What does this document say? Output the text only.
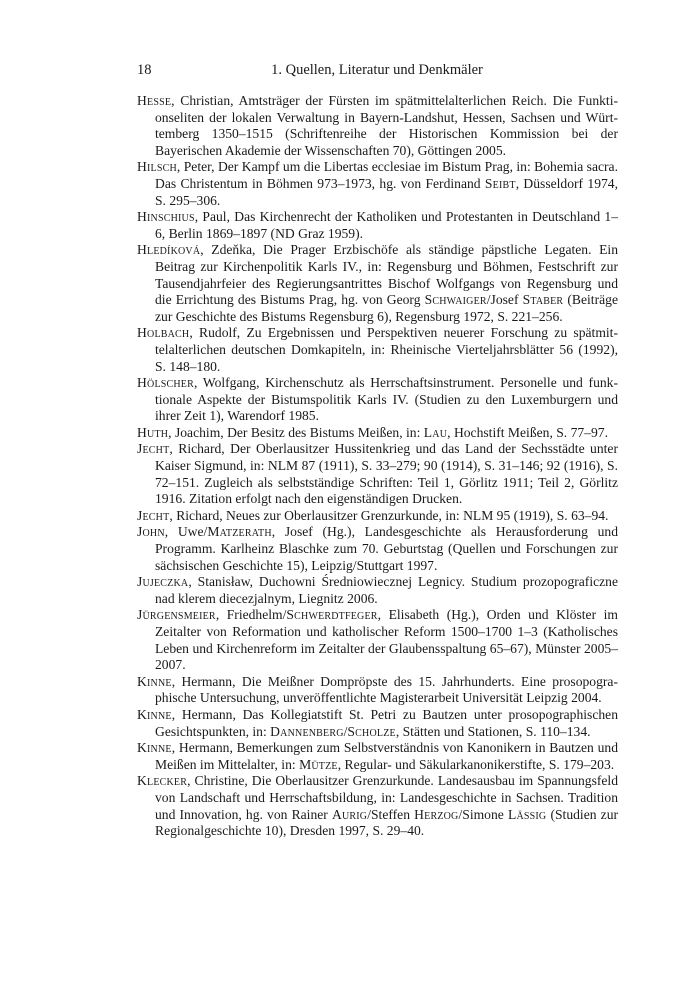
18	1. Quellen, Literatur und Denkmäler

Hesse, Christian, Amtsträger der Fürsten im spätmittelalterlichen Reich. Die Funktionseliten der lokalen Verwaltung in Bayern-Landshut, Hessen, Sachsen und Württemberg 1350–1515 (Schriftenreihe der Historischen Kommission bei der Bayerischen Akademie der Wissenschaften 70), Göttingen 2005.

Hilsch, Peter, Der Kampf um die Libertas ecclesiae im Bistum Prag, in: Bohemia sacra. Das Christentum in Böhmen 973–1973, hg. von Ferdinand Seibt, Düsseldorf 1974, S. 295–306.

Hinschius, Paul, Das Kirchenrecht der Katholiken und Protestanten in Deutschland 1–6, Berlin 1869–1897 (ND Graz 1959).

Hledíková, Zdeňka, Die Prager Erzbischöfe als ständige päpstliche Legaten. Ein Beitrag zur Kirchenpolitik Karls IV., in: Regensburg und Böhmen, Festschrift zur Tausendjahrfeier des Regierungsantrittes Bischof Wolfgangs von Regensburg und die Errichtung des Bistums Prag, hg. von Georg Schwaiger/Josef Staber (Beiträge zur Geschichte des Bistums Regensburg 6), Regensburg 1972, S. 221–256.

Holbach, Rudolf, Zu Ergebnissen und Perspektiven neuerer Forschung zu spätmittelalterlichen deutschen Domkapiteln, in: Rheinische Vierteljahrsblätter 56 (1992), S. 148–180.

Hölscher, Wolfgang, Kirchenschutz als Herrschaftsinstrument. Personelle und funktionale Aspekte der Bistumspolitik Karls IV. (Studien zu den Luxemburgern und ihrer Zeit 1), Warendorf 1985.

Huth, Joachim, Der Besitz des Bistums Meißen, in: Lau, Hochstift Meißen, S. 77–97.

Jecht, Richard, Der Oberlausitzer Hussitenkrieg und das Land der Sechsstädte unter Kaiser Sigmund, in: NLM 87 (1911), S. 33–279; 90 (1914), S. 31–146; 92 (1916), S. 72–151. Zugleich als selbstständige Schriften: Teil 1, Görlitz 1911; Teil 2, Görlitz 1916. Zitation erfolgt nach den eigenständigen Drucken.

Jecht, Richard, Neues zur Oberlausitzer Grenzurkunde, in: NLM 95 (1919), S. 63–94.

John, Uwe/Matzerath, Josef (Hg.), Landesgeschichte als Herausforderung und Programm. Karlheinz Blaschke zum 70. Geburtstag (Quellen und Forschungen zur sächsischen Geschichte 15), Leipzig/Stuttgart 1997.

Jujeczka, Stanisław, Duchowni Średniowiecznej Legnicy. Studium prozopograficzne nad klerem diecezjalnym, Liegnitz 2006.

Jürgensmeier, Friedhelm/Schwerdtfeger, Elisabeth (Hg.), Orden und Klöster im Zeitalter von Reformation und katholischer Reform 1500–1700 1–3 (Katholisches Leben und Kirchenreform im Zeitalter der Glaubensspaltung 65–67), Münster 2005–2007.

Kinne, Hermann, Die Meißner Dompröpste des 15. Jahrhunderts. Eine prosopographische Untersuchung, unveröffentlichte Magisterarbeit Universität Leipzig 2004.

Kinne, Hermann, Das Kollegiatstift St. Petri zu Bautzen unter prosopographischen Gesichtspunkten, in: Dannenberg/Scholze, Stätten und Stationen, S. 110–134.

Kinne, Hermann, Bemerkungen zum Selbstverständnis von Kanonikern in Bautzen und Meißen im Mittelalter, in: Mütze, Regular- und Säkularkanonikerstifte, S. 179–203.

Klecker, Christine, Die Oberlausitzer Grenzurkunde. Landesausbau im Spannungsfeld von Landschaft und Herrschaftsbildung, in: Landesgeschichte in Sachsen. Tradition und Innovation, hg. von Rainer Aurig/Steffen Herzog/Simone Lässig (Studien zur Regionalgeschichte 10), Dresden 1997, S. 29–40.
